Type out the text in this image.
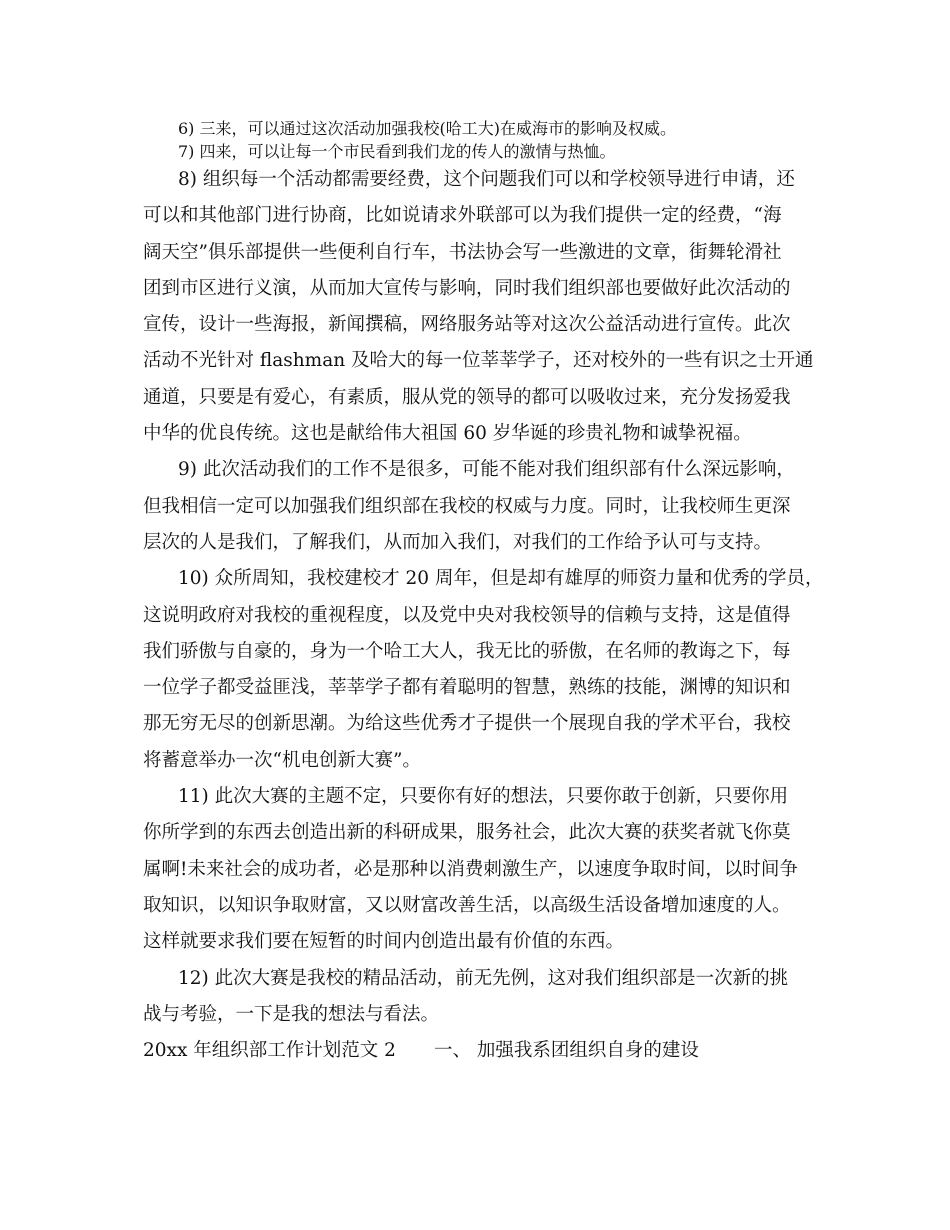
6) 三来，可以通过这次活动加强我校(哈工大)在威海市的影响及权威。
7) 四来，可以让每一个市民看到我们龙的传人的激情与热恤。
8) 组织每一个活动都需要经费，这个问题我们可以和学校领导进行申请，还
可以和其他部门进行协商，比如说请求外联部可以为我们提供一定的经费，“海
阔天空”俱乐部提供一些便利自行车，书法协会写一些激进的文章，街舞轮滑社
团到市区进行义演，从而加大宣传与影响，同时我们组织部也要做好此次活动的
宣传，设计一些海报，新闻撰稿，网络服务站等对这次公益活动进行宣传。此次
活动不光针对 flashman 及哈大的每一位莘莘学子，还对校外的一些有识之士开通
通道，只要是有爱心，有素质，服从党的领导的都可以吸收过来，充分发扬爱我
中华的优良传统。这也是献给伟大祖国 60 岁华诞的珍贵礼物和诚挚祝福。
9) 此次活动我们的工作不是很多，可能不能对我们组织部有什么深远影响，
但我相信一定可以加强我们组织部在我校的权威与力度。同时，让我校师生更深
层次的人是我们，了解我们，从而加入我们，对我们的工作给予认可与支持。
10) 众所周知，我校建校才 20 周年，但是却有雄厚的师资力量和优秀的学员，
这说明政府对我校的重视程度，以及党中央对我校领导的信赖与支持，这是值得
我们骄傲与自豪的，身为一个哈工大人，我无比的骄傲，在名师的教诲之下，每
一位学子都受益匪浅，莘莘学子都有着聪明的智慧，熟练的技能，渊博的知识和
那无穷无尽的创新思潮。为给这些优秀才子提供一个展现自我的学术平台，我校
将蓄意举办一次“机电创新大赛”。
11) 此次大赛的主题不定，只要你有好的想法，只要你敢于创新，只要你用
你所学到的东西去创造出新的科研成果，服务社会，此次大赛的获奖者就飞你莫
属啊!未来社会的成功者，必是那种以消费刺激生产，以速度争取时间，以时间争
取知识，以知识争取财富，又以财富改善生活，以高级生活设备增加速度的人。
这样就要求我们要在短暂的时间内创造出最有价值的东西。
12) 此次大赛是我校的精品活动，前无先例，这对我们组织部是一次新的挑
战与考验，一下是我的想法与看法。
20xx 年组织部工作计划范文 2 一、 加强我系团组织自身的建设
